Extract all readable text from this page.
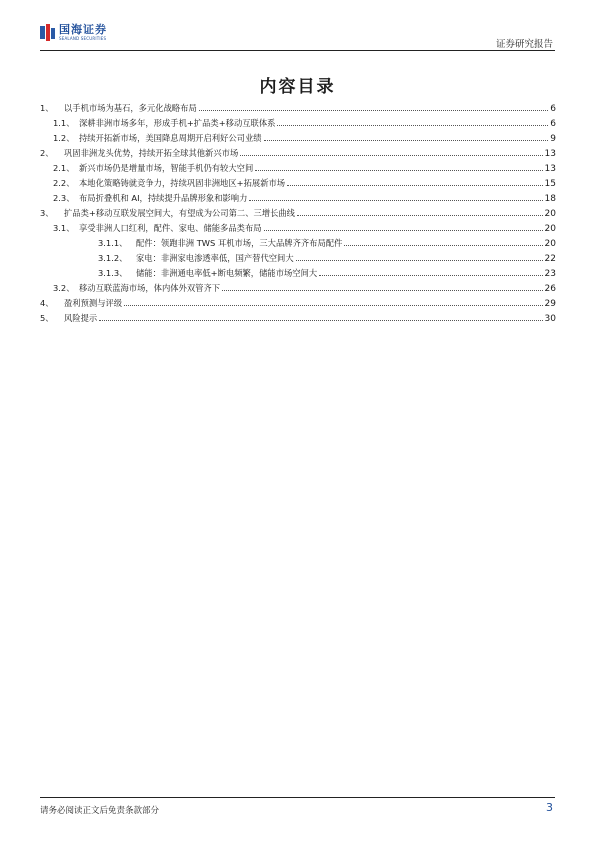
国海证券
SEALAND SECURITIES
证券研究报告
内容目录
1、 以手机市场为基石，多元化战略布局	6
1.1、 深耕非洲市场多年，形成手机+扩品类+移动互联体系	6
1.2、 持续开拓新市场，美国降息周期开启利好公司业绩	9
2、 巩固非洲龙头优势，持续开拓全球其他新兴市场	13
2.1、 新兴市场仍是增量市场，智能手机仍有较大空间	13
2.2、 本地化策略铸就竞争力，持续巩固非洲地区+拓展新市场	15
2.3、 布局折叠机和 AI，持续提升品牌形象和影响力	18
3、 扩品类+移动互联发展空间大，有望成为公司第二、三增长曲线	20
3.1、 享受非洲人口红利，配件、家电、储能多品类布局	20
3.1.1、 配件：领跑非洲 TWS 耳机市场，三大品牌齐齐布局配件	20
3.1.2、 家电：非洲家电渗透率低，国产替代空间大	22
3.1.3、 储能：非洲通电率低+断电频繁，储能市场空间大	23
3.2、 移动互联蓝海市场，体内体外双管齐下	26
4、 盈利预测与评级	29
5、 风险提示	30
请务必阅读正文后免责条款部分	3
